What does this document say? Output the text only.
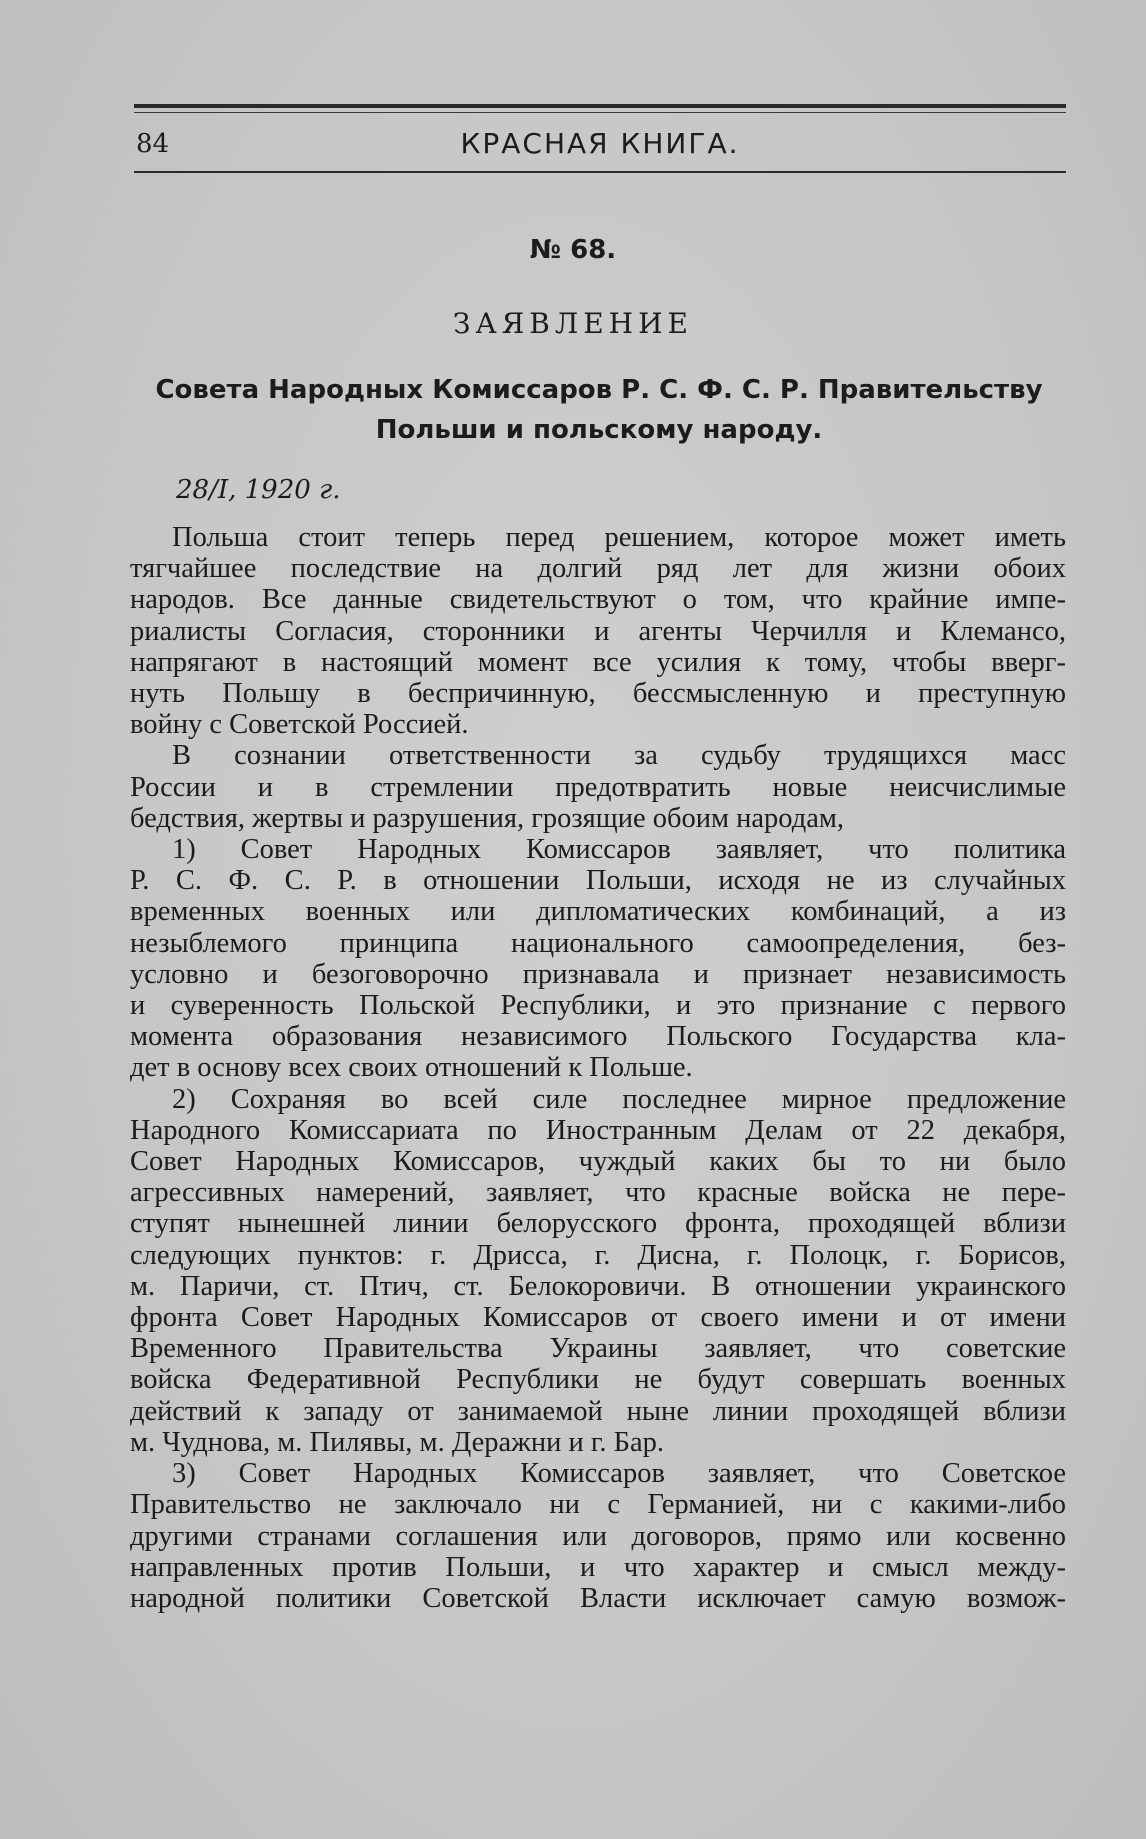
84	КРАСНАЯ КНИГА.
№ 68.
ЗАЯВЛЕНИЕ
Совета Народных Комиссаров Р. С. Ф. С. Р. Правительству
Польши и польскому народу.
28/I, 1920 г.
Польша стоит теперь перед решением, которое может иметь
тягчайшее последствие на долгий ряд лет для жизни обоих
народов. Все данные свидетельствуют о том, что крайние импе-
риалисты Согласия, сторонники и агенты Черчилля и Клемансо,
напрягают в настоящий момент все усилия к тому, чтобы вверг-
нуть Польшу в беспричинную, бессмысленную и преступную
войну с Советской Россией.
В сознании ответственности за судьбу трудящихся масс
России и в стремлении предотвратить новые неисчислимые
бедствия, жертвы и разрушения, грозящие обоим народам,
1) Совет Народных Комиссаров заявляет, что политика
Р. С. Ф. С. Р. в отношении Польши, исходя не из случайных
временных военных или дипломатических комбинаций, а из
незыблемого принципа национального самоопределения, без-
условно и безоговорочно признавала и признает независимость
и суверенность Польской Республики, и это признание с первого
момента образования независимого Польского Государства кла-
дет в основу всех своих отношений к Польше.
2) Сохраняя во всей силе последнее мирное предложение
Народного Комиссариата по Иностранным Делам от 22 декабря,
Совет Народных Комиссаров, чуждый каких бы то ни было
агрессивных намерений, заявляет, что красные войска не пере-
ступят нынешней линии белорусского фронта, проходящей вблизи
следующих пунктов: г. Дрисса, г. Дисна, г. Полоцк, г. Борисов,
м. Паричи, ст. Птич, ст. Белокоровичи. В отношении украинского
фронта Совет Народных Комиссаров от своего имени и от имени
Временного Правительства Украины заявляет, что советские
войска Федеративной Республики не будут совершать военных
действий к западу от занимаемой ныне линии проходящей вблизи
м. Чуднова, м. Пилявы, м. Деражни и г. Бар.
3) Совет Народных Комиссаров заявляет, что Советское
Правительство не заключало ни с Германией, ни с какими-либо
другими странами соглашения или договоров, прямо или косвенно
направленных против Польши, и что характер и смысл между-
народной политики Советской Власти исключает самую возмож-
